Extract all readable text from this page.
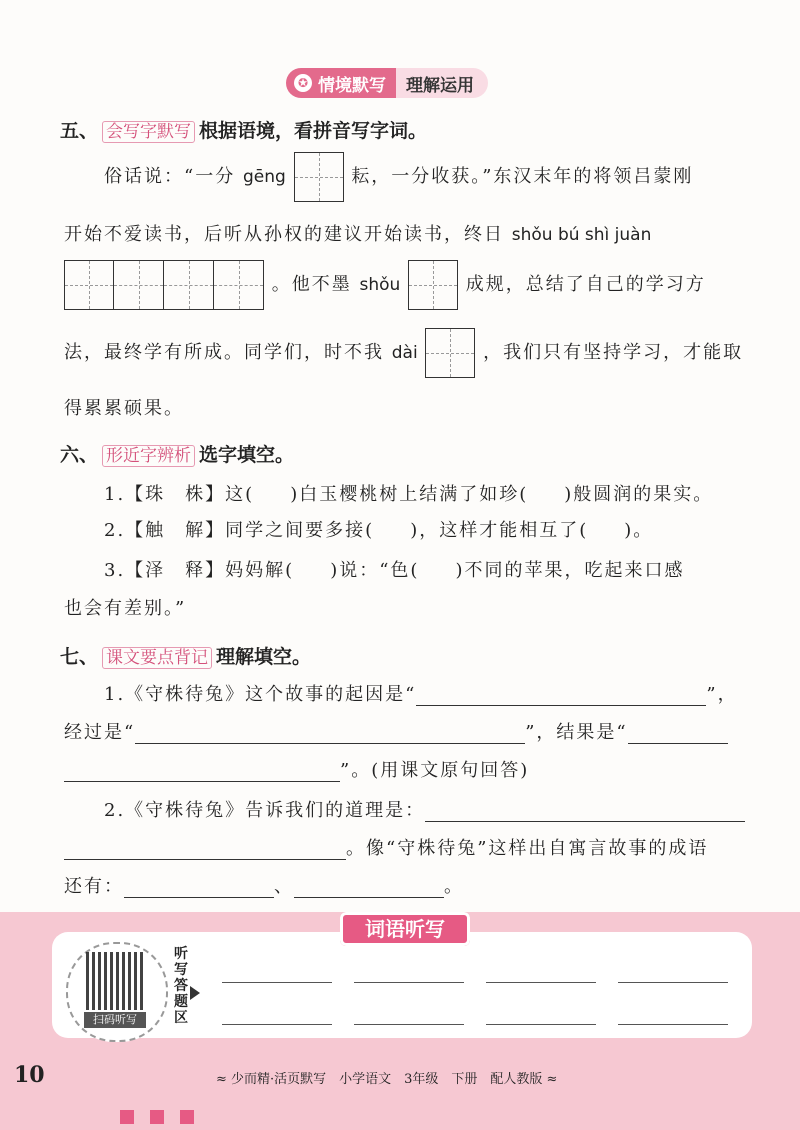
✪ 情境默写	理解运用
五、 会写字默写 根据语境，看拼音写字词。
俗话说：“一分 gēng	耘，一分收获。”东汉末年的将领吕蒙刚
开始不爱读书，后听从孙权的建议开始读书，终日 shǒu bú shì juàn
。他不墨 shǒu	成规，总结了自己的学习方
法，最终学有所成。同学们，时不我 dài	，我们只有坚持学习，才能取
得累累硕果。
六、 形近字辨析 选字填空。
1.【珠　株】这( )白玉樱桃树上结满了如珍( )般圆润的果实。
2.【触　解】同学之间要多接( )，这样才能相互了( )。
3.【泽　释】妈妈解( )说：“色( )不同的苹果，吃起来口感
也会有差别。”
七、 课文要点背记 理解填空。
1.《守株待兔》这个故事的起因是“	”，
经过是“	”，结果是“
”。(用课文原句回答)
2.《守株待兔》告诉我们的道理是：
。像“守株待兔”这样出自寓言故事的成语
还有：	、	。
词语听写
扫码听写
听写答题区
10	≈ 少而精·活页默写　小学语文　3年级　下册　配人教版 ≈
